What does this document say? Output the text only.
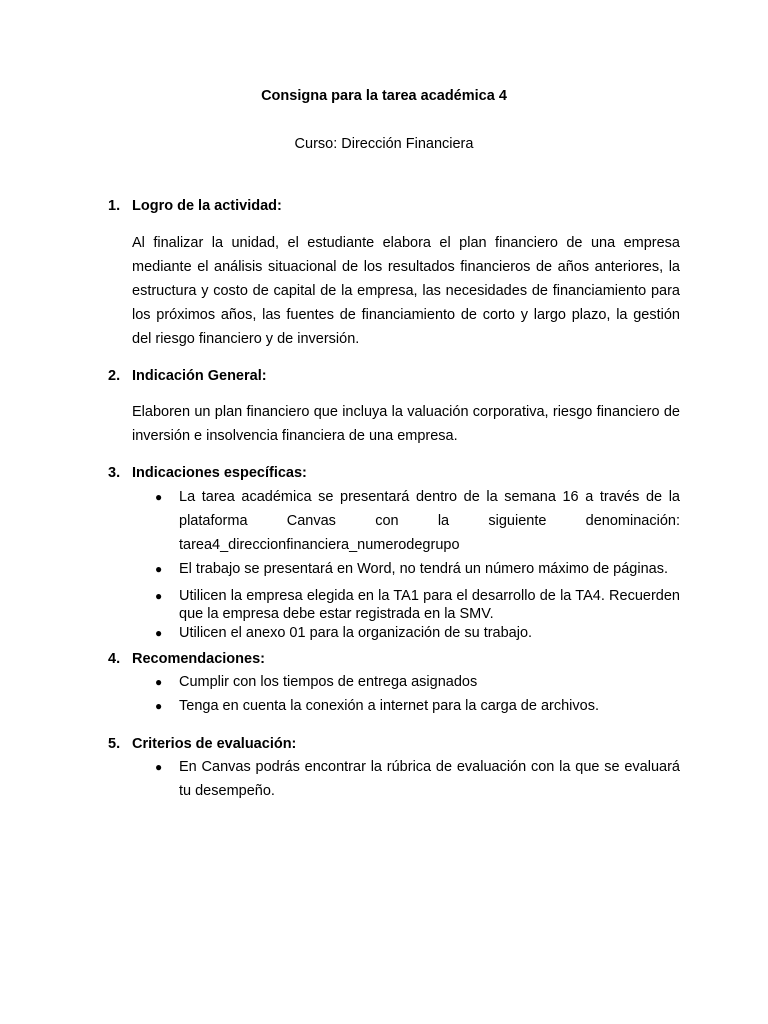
Consigna para la tarea académica 4
Curso: Dirección Financiera
1. Logro de la actividad:
Al finalizar la unidad, el estudiante elabora el plan financiero de una empresa mediante el análisis situacional de los resultados financieros de años anteriores, la estructura y costo de capital de la empresa, las necesidades de financiamiento para los próximos años, las fuentes de financiamiento de corto y largo plazo, la gestión del riesgo financiero y de inversión.
2. Indicación General:
Elaboren un plan financiero que incluya la valuación corporativa, riesgo financiero de inversión e insolvencia financiera de una empresa.
3. Indicaciones específicas:
● La tarea académica se presentará dentro de la semana 16 a través de la plataforma Canvas con la siguiente denominación: tarea4_direccionfinanciera_numerodegrupo
● El trabajo se presentará en Word, no tendrá un número máximo de páginas.
● Utilicen la empresa elegida en la TA1 para el desarrollo de la TA4. Recuerden que la empresa debe estar registrada en la SMV.
● Utilicen el anexo 01 para la organización de su trabajo.
4. Recomendaciones:
● Cumplir con los tiempos de entrega asignados
● Tenga en cuenta la conexión a internet para la carga de archivos.
5. Criterios de evaluación:
● En Canvas podrás encontrar la rúbrica de evaluación con la que se evaluará tu desempeño.
